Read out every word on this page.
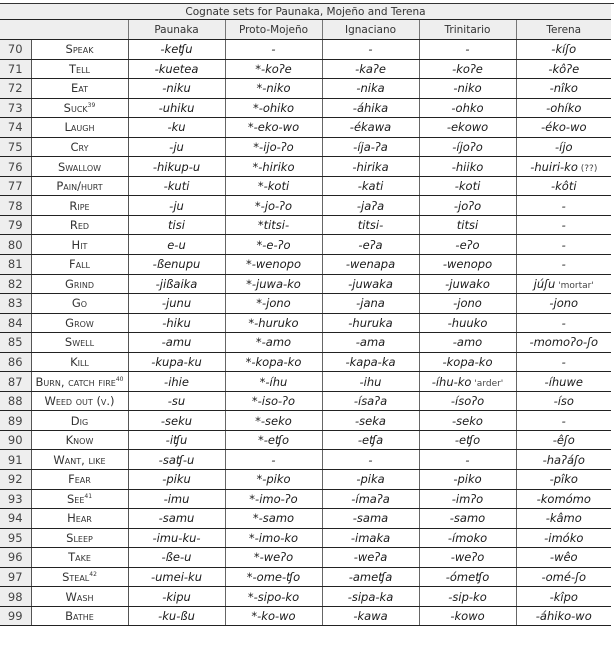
Cognate sets for Paunaka, Mojeño and Terena						
		Paunaka	Proto-Mojeño	Ignaciano	Trinitario	Terena
70	Speak	-keʧu	-	-	-	-kíʃo
71	Tell	-kuetea	*-koʔe	-kaʔe	-koʔe	-kôʔe
72	Eat	-niku	*-niko	-nika	-niko	-nîko
73	Suck$^{39}$	-uhiku	*-ohiko	-áhika	-ohko	-ohíko
74	Laugh	-ku	*-eko-wo	-ékawa	-ekowo	-éko-wo
75	Cry	-ju	*-ijo-ʔo	-íja-ʔa	-íjoʔo	-íjo
76	Swallow	-hikup-u	*-hiriko	-hirika	-hiiko	-huiri-ko (??)
77	Pain/hurt	-kuti	*-koti	-kati	-koti	-kôti
78	Ripe	-ju	*-jo-ʔo	-jaʔa	-joʔo	-
79	Red	tisi	*titsi-	titsi-	titsi	-
80	Hit	e-u	*-e-ʔo	-eʔa	-eʔo	-
81	Fall	-ßenupu	*-wenopo	-wenapa	-wenopo	-
82	Grind	-jißaika	*-juwa-ko	-juwaka	-juwako	júʃu 'mortar'
83	Go	-junu	*-jono	-jana	-jono	-jono
84	Grow	-hiku	*-huruko	-huruka	-huuko	-
85	Swell	-amu	*-amo	-ama	-amo	-momoʔo-ʃo
86	Kill	-kupa-ku	*-kopa-ko	-kapa-ka	-kopa-ko	-
87	Burn, catch fire$^{40}$	-ihie	*-íhu	-ihu	-íhu-ko 'arder'	-íhuwe
88	Weed out (v.)	-su	*-iso-ʔo	-ísaʔa	-ísoʔo	-íso
89	Dig	-seku	*-seko	-seka	-seko	-
90	Know	-iʧu	*-eʧo	-eʧa	-eʧo	-êʃo
91	Want, like	-saʧ-u	-	-	-	-haʔáʃo
92	Fear	-piku	*-piko	-pika	-piko	-pîko
93	See$^{41}$	-imu	*-imo-ʔo	-ímaʔa	-imʔo	-komómo
94	Hear	-samu	*-samo	-sama	-samo	-kâmo
95	Sleep	-imu-ku-	*-imo-ko	-imaka	-ímoko	-imóko
96	Take	-ße-u	*-weʔo	-weʔa	-weʔo	-wêo
97	Steal$^{42}$	-umei-ku	*-ome-ʧo	-ameʧa	-ómeʧo	-omé-ʃo
98	Wash	-kipu	*-sipo-ko	-sipa-ka	-sip-ko	-kîpo
99	Bathe	-ku-ßu	*-ko-wo	-kawa	-kowo	-áhiko-wo
